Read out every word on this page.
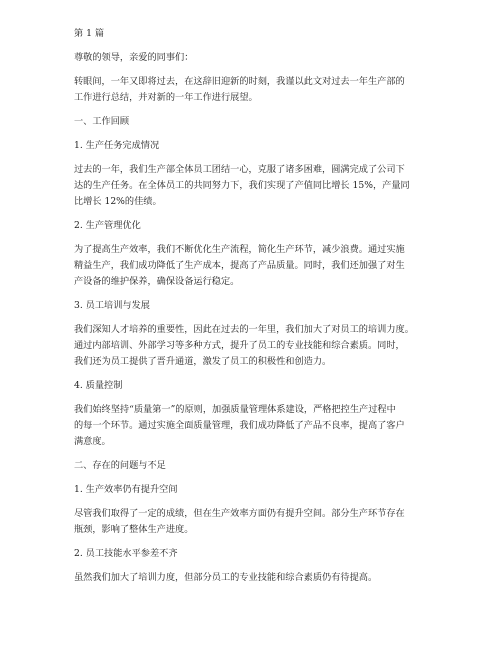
第 1 篇

尊敬的领导，亲爱的同事们：

转眼间，一年又即将过去，在这辞旧迎新的时刻，我谨以此文对过去一年生产部的

工作进行总结，并对新的一年工作进行展望。

一、工作回顾

1. 生产任务完成情况

过去的一年，我们生产部全体员工团结一心，克服了诸多困难，圆满完成了公司下

达的生产任务。在全体员工的共同努力下，我们实现了产值同比增长 15%，产量同

比增长 12%的佳绩。

2. 生产管理优化

为了提高生产效率，我们不断优化生产流程，简化生产环节，减少浪费。通过实施

精益生产，我们成功降低了生产成本，提高了产品质量。同时，我们还加强了对生

产设备的维护保养，确保设备运行稳定。

3. 员工培训与发展

我们深知人才培养的重要性，因此在过去的一年里，我们加大了对员工的培训力度。

通过内部培训、外部学习等多种方式，提升了员工的专业技能和综合素质。同时，

我们还为员工提供了晋升通道，激发了员工的积极性和创造力。

4. 质量控制

我们始终坚持“质量第一”的原则，加强质量管理体系建设，严格把控生产过程中

的每一个环节。通过实施全面质量管理，我们成功降低了产品不良率，提高了客户

满意度。

二、存在的问题与不足

1. 生产效率仍有提升空间

尽管我们取得了一定的成绩，但在生产效率方面仍有提升空间。部分生产环节存在

瓶颈，影响了整体生产进度。

2. 员工技能水平参差不齐

虽然我们加大了培训力度，但部分员工的专业技能和综合素质仍有待提高。
